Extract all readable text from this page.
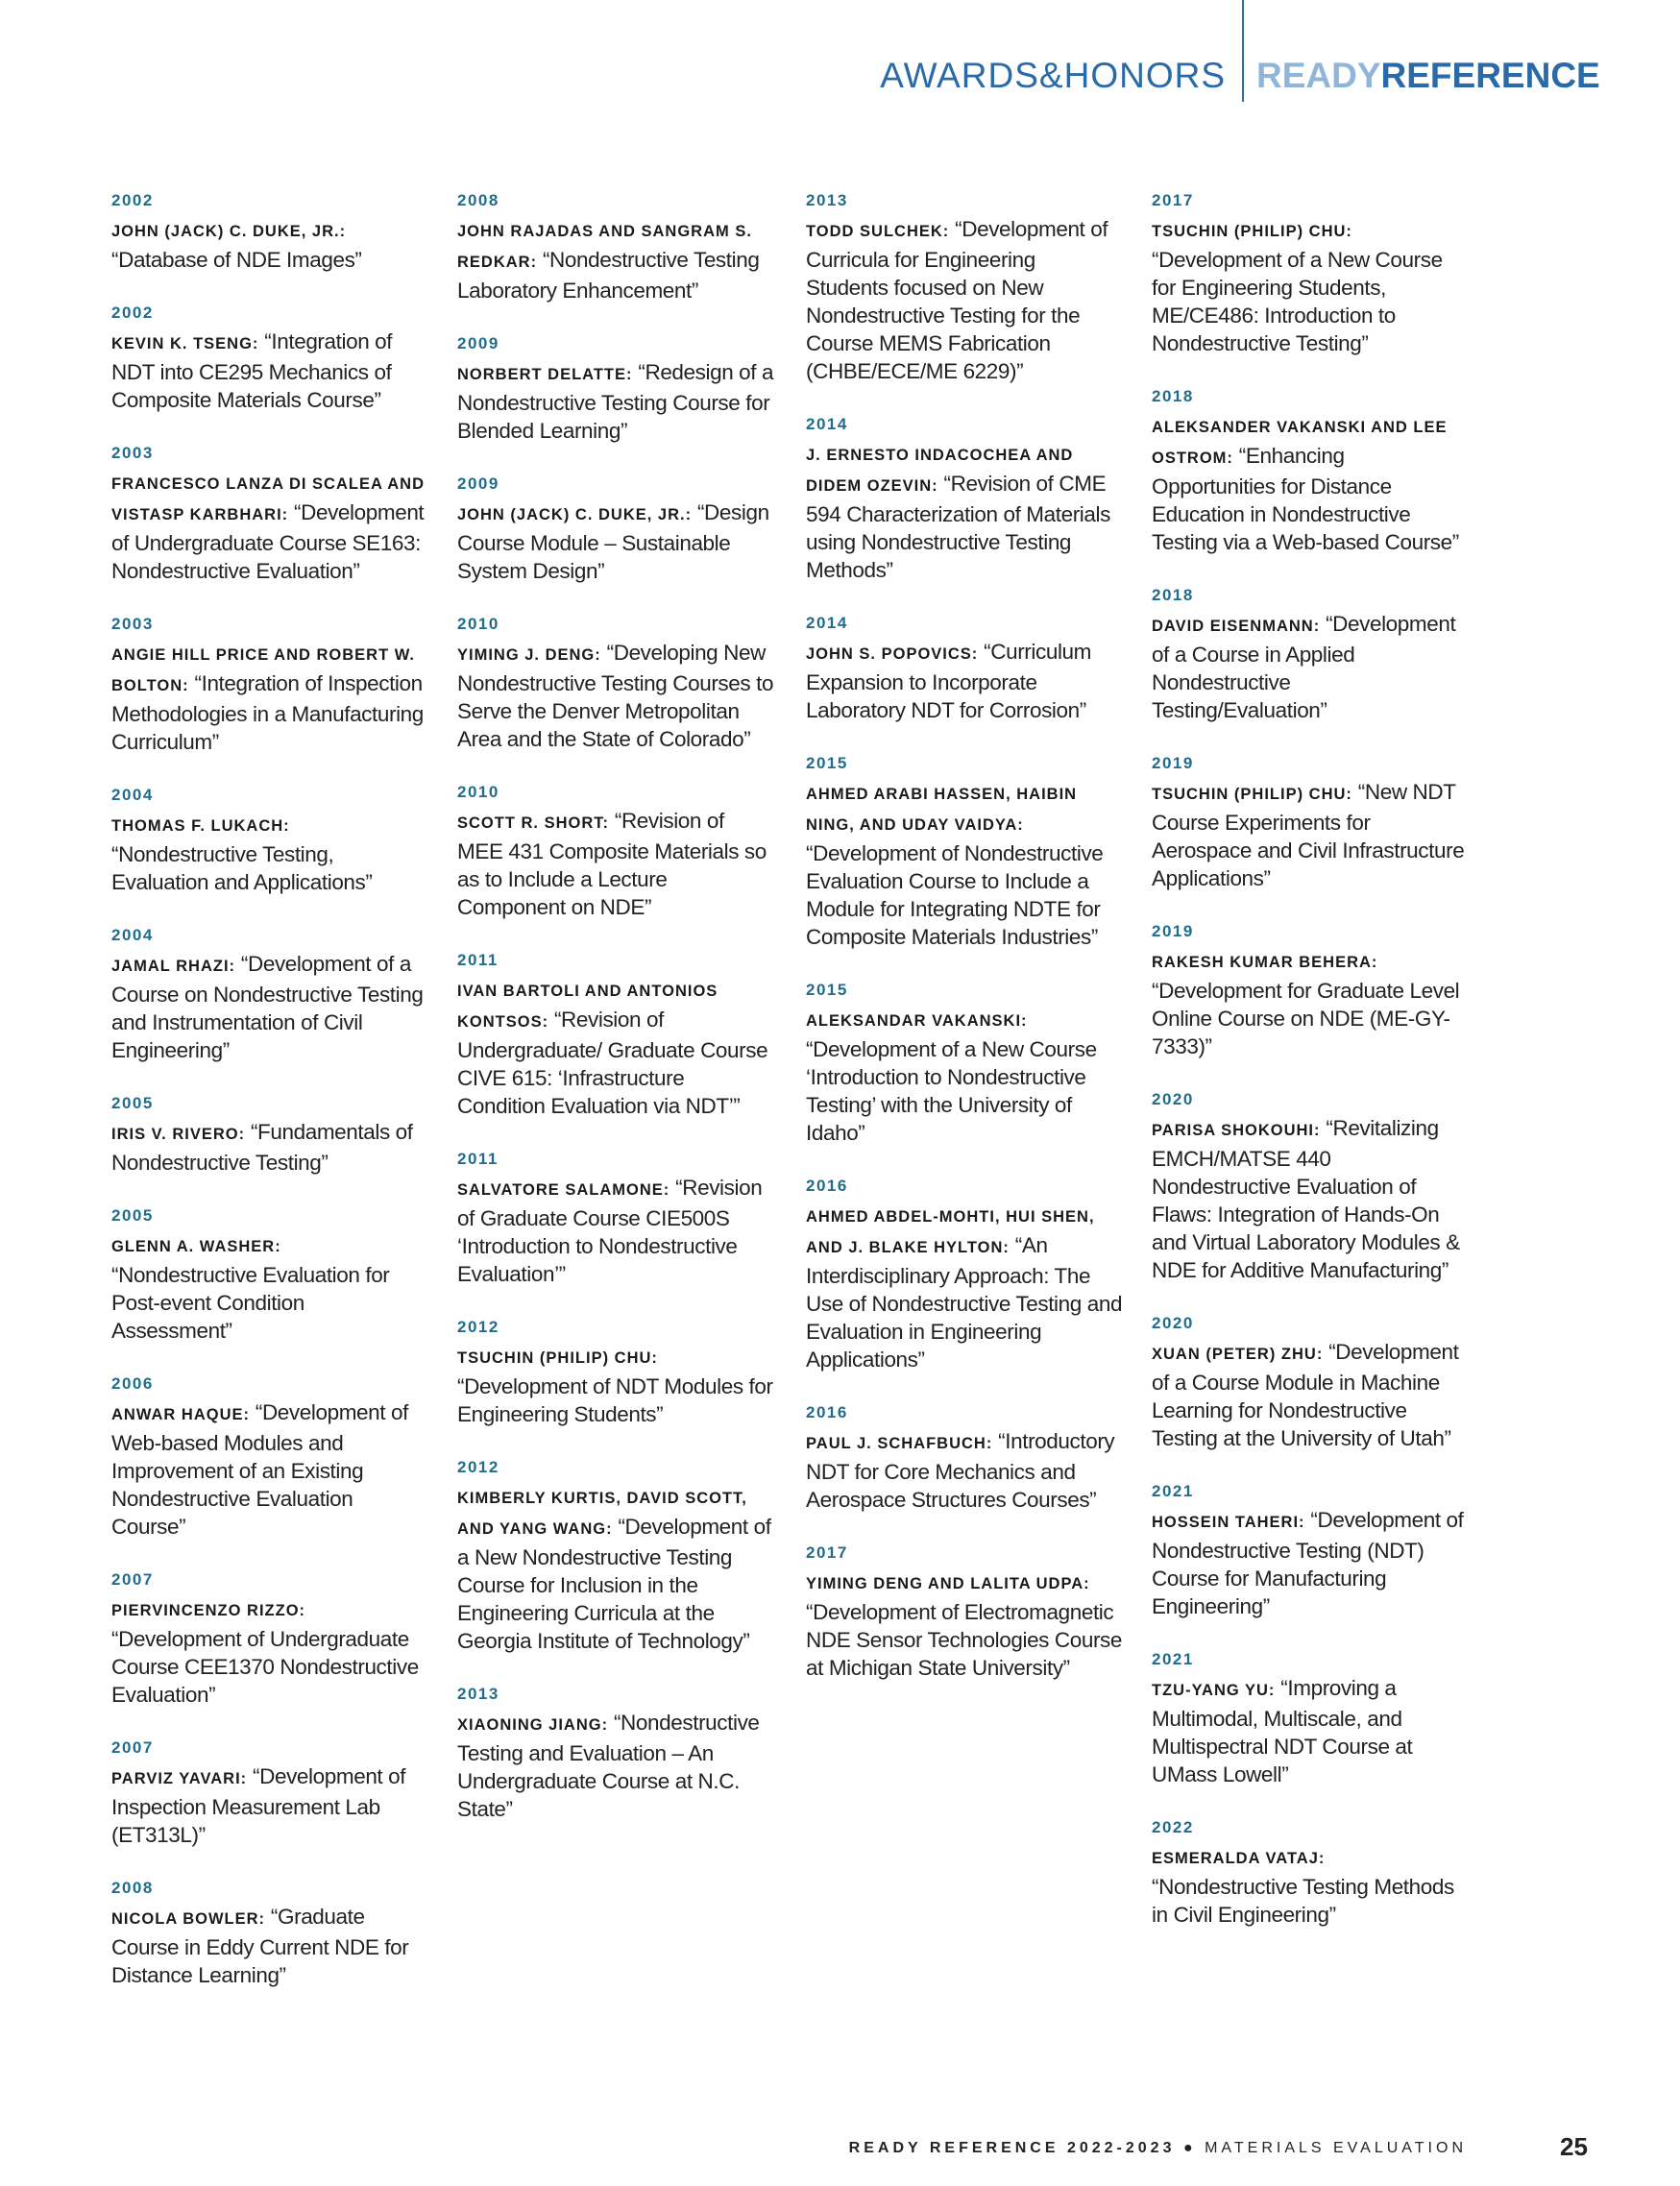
AWARDS&HONORS READYREFERENCE
2002
JOHN (JACK) C. DUKE, JR.: “Database of NDE Images”
2002
KEVIN K. TSENG: “Integration of NDT into CE295 Mechanics of Composite Materials Course”
2003
FRANCESCO LANZA DI SCALEA AND VISTASP KARBHARI: “Development of Undergraduate Course SE163: Nondestructive Evaluation”
2003
ANGIE HILL PRICE AND ROBERT W. BOLTON: “Integration of Inspection Methodologies in a Manufacturing Curriculum”
2004
THOMAS F. LUKACH: “Nondestructive Testing, Evaluation and Applications”
2004
JAMAL RHAZI: “Development of a Course on Nondestructive Testing and Instrumentation of Civil Engineering”
2005
IRIS V. RIVERO: “Fundamentals of Nondestructive Testing”
2005
GLENN A. WASHER: “Nondestructive Evaluation for Post-event Condition Assessment”
2006
ANWAR HAQUE: “Development of Web-based Modules and Improvement of an Existing Nondestructive Evaluation Course”
2007
PIERVINCENZO RIZZO: “Development of Undergraduate Course CEE1370 Nondestructive Evaluation”
2007
PARVIZ YAVARI: “Development of Inspection Measurement Lab (ET313L)”
2008
NICOLA BOWLER: “Graduate Course in Eddy Current NDE for Distance Learning”
2008
JOHN RAJADAS AND SANGRAM S. REDKAR: “Nondestructive Testing Laboratory Enhancement”
2009
NORBERT DELATTE: “Redesign of a Nondestructive Testing Course for Blended Learning”
2009
JOHN (JACK) C. DUKE, JR.: “Design Course Module – Sustainable System Design”
2010
YIMING J. DENG: “Developing New Nondestructive Testing Courses to Serve the Denver Metropolitan Area and the State of Colorado”
2010
SCOTT R. SHORT: “Revision of MEE 431 Composite Materials so as to Include a Lecture Component on NDE”
2011
IVAN BARTOLI AND ANTONIOS KONTSOS: “Revision of Undergraduate/ Graduate Course CIVE 615: ‘Infrastructure Condition Evaluation via NDT’”
2011
SALVATORE SALAMONE: “Revision of Graduate Course CIE500S ‘Introduction to Nondestructive Evaluation’”
2012
TSUCHIN (PHILIP) CHU: “Development of NDT Modules for Engineering Students”
2012
KIMBERLY KURTIS, DAVID SCOTT, AND YANG WANG: “Development of a New Nondestructive Testing Course for Inclusion in the Engineering Curricula at the Georgia Institute of Technology”
2013
XIAONING JIANG: “Nondestructive Testing and Evaluation – An Undergraduate Course at N.C. State”
2013
TODD SULCHEK: “Development of Curricula for Engineering Students focused on New Nondestructive Testing for the Course MEMS Fabrication (CHBE/ECE/ME 6229)”
2014
J. ERNESTO INDACOCHEA AND DIDEM OZEVIN: “Revision of CME 594 Characterization of Materials using Nondestructive Testing Methods”
2014
JOHN S. POPOVICS: “Curriculum Expansion to Incorporate Laboratory NDT for Corrosion”
2015
AHMED ARABI HASSEN, HAIBIN NING, AND UDAY VAIDYA: “Development of Nondestructive Evaluation Course to Include a Module for Integrating NDTE for Composite Materials Industries”
2015
ALEKSANDAR VAKANSKI: “Development of a New Course ‘Introduction to Nondestructive Testing’ with the University of Idaho”
2016
AHMED ABDEL-MOHTI, HUI SHEN, AND J. BLAKE HYLTON: “An Interdisciplinary Approach: The Use of Nondestructive Testing and Evaluation in Engineering Applications”
2016
PAUL J. SCHAFBUCH: “Introductory NDT for Core Mechanics and Aerospace Structures Courses”
2017
YIMING DENG AND LALITA UDPA: “Development of Electromagnetic NDE Sensor Technologies Course at Michigan State University”
2017
TSUCHIN (PHILIP) CHU: “Development of a New Course for Engineering Students, ME/CE486: Introduction to Nondestructive Testing”
2018
ALEKSANDER VAKANSKI AND LEE OSTROM: “Enhancing Opportunities for Distance Education in Nondestructive Testing via a Web-based Course”
2018
DAVID EISENMANN: “Development of a Course in Applied Nondestructive Testing/Evaluation”
2019
TSUCHIN (PHILIP) CHU: “New NDT Course Experiments for Aerospace and Civil Infrastructure Applications”
2019
RAKESH KUMAR BEHERA: “Development for Graduate Level Online Course on NDE (ME-GY-7333)”
2020
PARISA SHOKOUHI: “Revitalizing EMCH/MATSE 440 Nondestructive Evaluation of Flaws: Integration of Hands-On and Virtual Laboratory Modules & NDE for Additive Manufacturing”
2020
XUAN (PETER) ZHU: “Development of a Course Module in Machine Learning for Nondestructive Testing at the University of Utah”
2021
HOSSEIN TAHERI: “Development of Nondestructive Testing (NDT) Course for Manufacturing Engineering”
2021
TZU-YANG YU: “Improving a Multimodal, Multiscale, and Multispectral NDT Course at UMass Lowell”
2022
ESMERALDA VATAJ: “Nondestructive Testing Methods in Civil Engineering”
READY REFERENCE 2022-2023 ● MATERIALS EVALUATION	25
